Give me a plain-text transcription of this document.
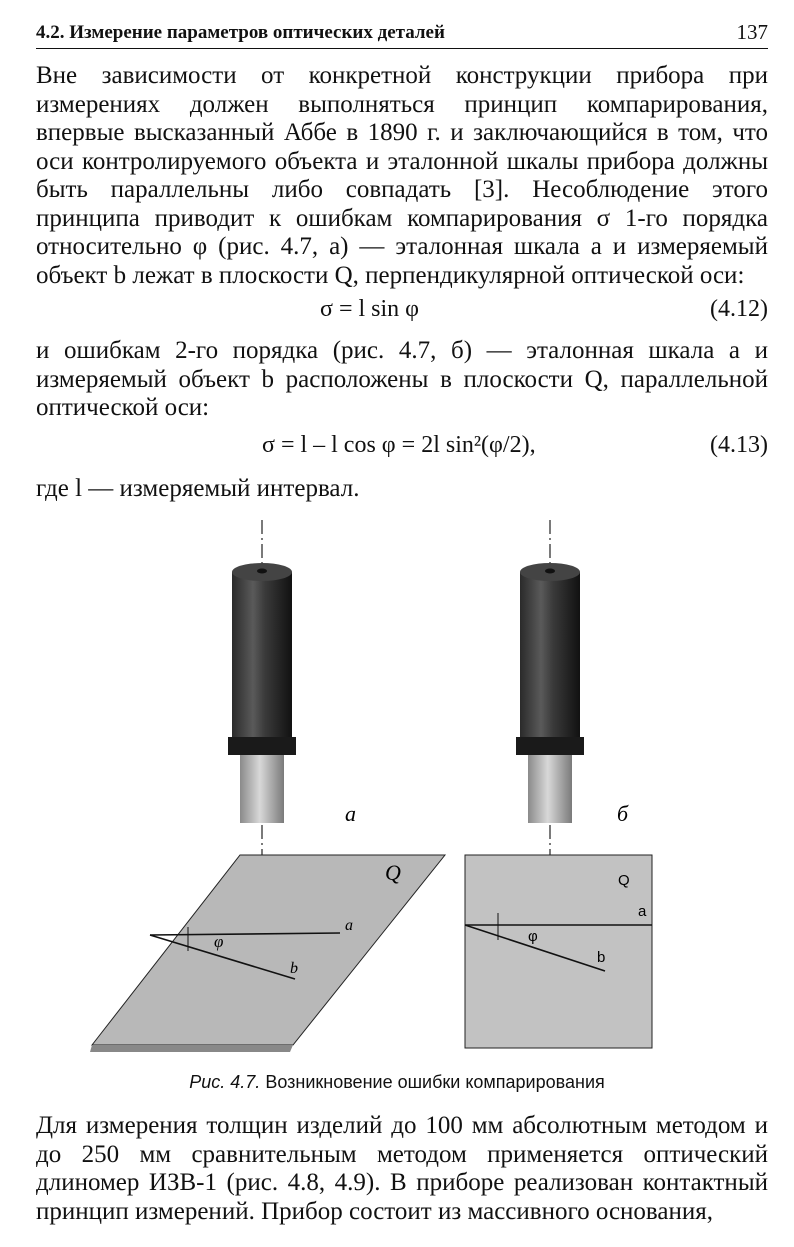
4.2. Измерение параметров оптических деталей	137
Вне зависимости от конкретной конструкции прибора при измерениях должен выполняться принцип компарирования, впервые высказанный Аббе в 1890 г. и заключающийся в том, что оси контролируемого объекта и эталонной шкалы прибора должны быть параллельны либо совпадать [3]. Несоблюдение этого принципа приводит к ошибкам компарирования σ 1-го порядка относительно φ (рис. 4.7, а) — эталонная шкала a и измеряемый объект b лежат в плоскости Q, перпендикулярной оптической оси:
σ = l sin φ	(4.12)
и ошибкам 2-го порядка (рис. 4.7, б) — эталонная шкала a и измеряемый объект b расположены в плоскости Q, параллельной оптической оси:
σ = l – l cos φ = 2l sin²(φ/2),	(4.13)
где l — измеряемый интервал.
а
Q
a
b
φ
б
Q
a
b
φ
Рис. 4.7. Возникновение ошибки компарирования
Для измерения толщин изделий до 100 мм абсолютным методом и до 250 мм сравнительным методом применяется оптический длиномер ИЗВ-1 (рис. 4.8, 4.9). В приборе реализован контактный принцип измерений. Прибор состоит из массивного основания,
